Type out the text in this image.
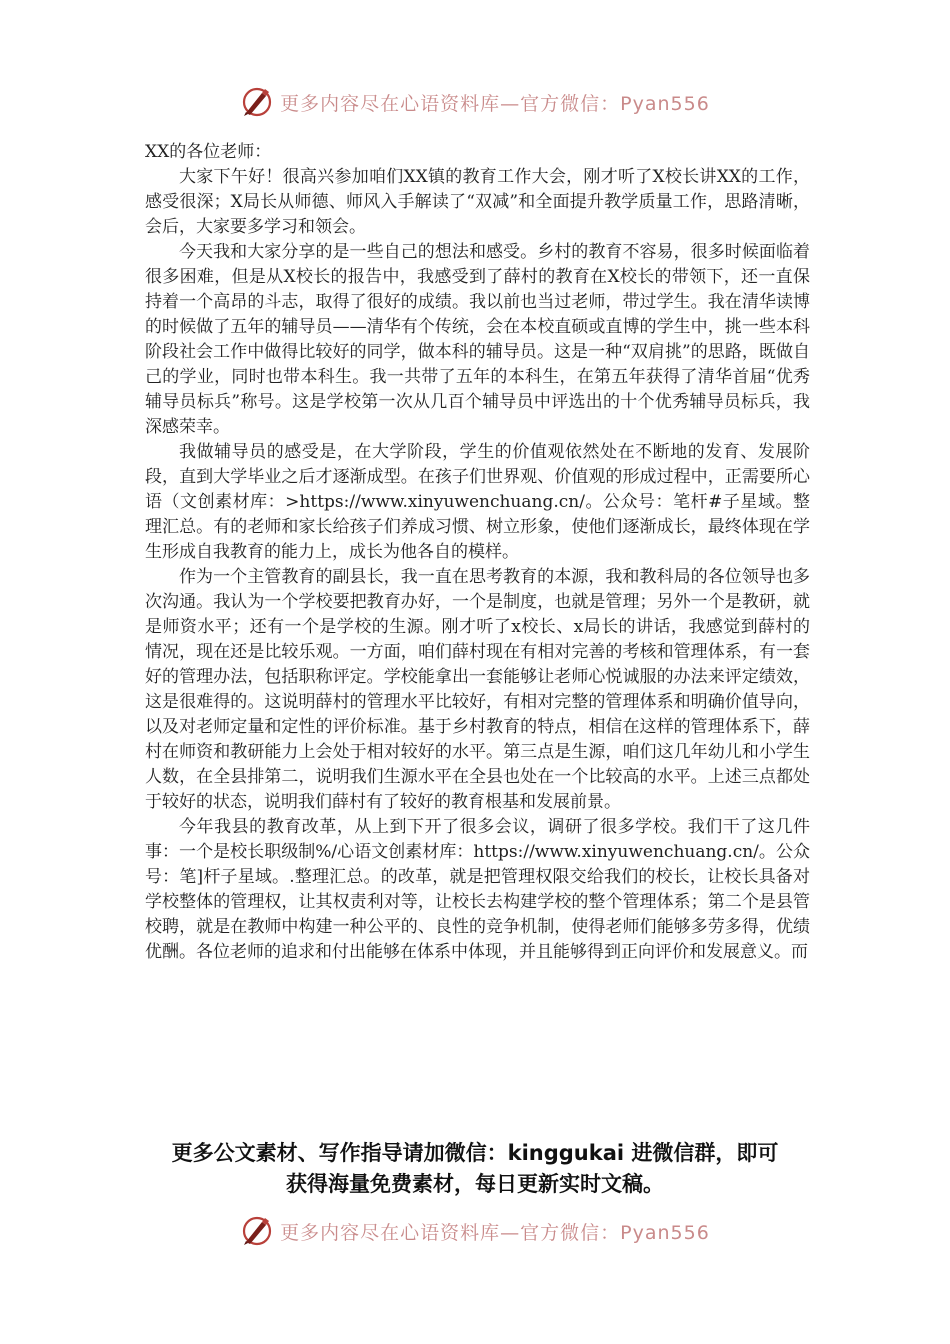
更多内容尽在心语资料库—官方微信：Pyan556

XX的各位老师：

大家下午好！很高兴参加咱们XX镇的教育工作大会，刚才听了X校长讲XX的工作，感受很深；X局长从师德、师风入手解读了“双减”和全面提升教学质量工作，思路清晰，会后，大家要多学习和领会。

今天我和大家分享的是一些自己的想法和感受。乡村的教育不容易，很多时候面临着很多困难，但是从X校长的报告中，我感受到了薛村的教育在X校长的带领下，还一直保持着一个高昂的斗志，取得了很好的成绩。我以前也当过老师，带过学生。我在清华读博的时候做了五年的辅导员——清华有个传统，会在本校直硕或直博的学生中，挑一些本科阶段社会工作中做得比较好的同学，做本科的辅导员。这是一种“双肩挑”的思路，既做自己的学业，同时也带本科生。我一共带了五年的本科生，在第五年获得了清华首届“优秀辅导员标兵”称号。这是学校第一次从几百个辅导员中评选出的十个优秀辅导员标兵，我深感荣幸。

我做辅导员的感受是，在大学阶段，学生的价值观依然处在不断地的发育、发展阶段，直到大学毕业之后才逐渐成型。在孩子们世界观、价值观的形成过程中，正需要所心语（文创素材库：>https://www.xinyuwenchuang.cn/。公众号：笔杆#子星域。整理汇总。有的老师和家长给孩子们养成习惯、树立形象，使他们逐渐成长，最终体现在学生形成自我教育的能力上，成长为他各自的模样。

作为一个主管教育的副县长，我一直在思考教育的本源，我和教科局的各位领导也多次沟通。我认为一个学校要把教育办好，一个是制度，也就是管理；另外一个是教研，就是师资水平；还有一个是学校的生源。刚才听了x校长、x局长的讲话，我感觉到薛村的情况，现在还是比较乐观。一方面，咱们薛村现在有相对完善的考核和管理体系，有一套好的管理办法，包括职称评定。学校能拿出一套能够让老师心悦诚服的办法来评定绩效，这是很难得的。这说明薛村的管理水平比较好，有相对完整的管理体系和明确价值导向，以及对老师定量和定性的评价标准。基于乡村教育的特点，相信在这样的管理体系下，薛村在师资和教研能力上会处于相对较好的水平。第三点是生源，咱们这几年幼儿和小学生人数，在全县排第二，说明我们生源水平在全县也处在一个比较高的水平。上述三点都处于较好的状态，说明我们薛村有了较好的教育根基和发展前景。

今年我县的教育改革，从上到下开了很多会议，调研了很多学校。我们干了这几件事：一个是校长职级制%/心语文创素材库：https://www.xinyuwenchuang.cn/。公众号：笔]杆子星域。.整理汇总。的改革，就是把管理权限交给我们的校长，让校长具备对学校整体的管理权，让其权责利对等，让校长去构建学校的整个管理体系；第二个是县管校聘，就是在教师中构建一种公平的、良性的竞争机制，使得老师们能够多劳多得，优绩优酬。各位老师的追求和付出能够在体系中体现，并且能够得到正向评价和发展意义。而

更多公文素材、写作指导请加微信：kinggukai 进微信群，即可
获得海量免费素材，每日更新实时文稿。
更多内容尽在心语资料库—官方微信：Pyan556
